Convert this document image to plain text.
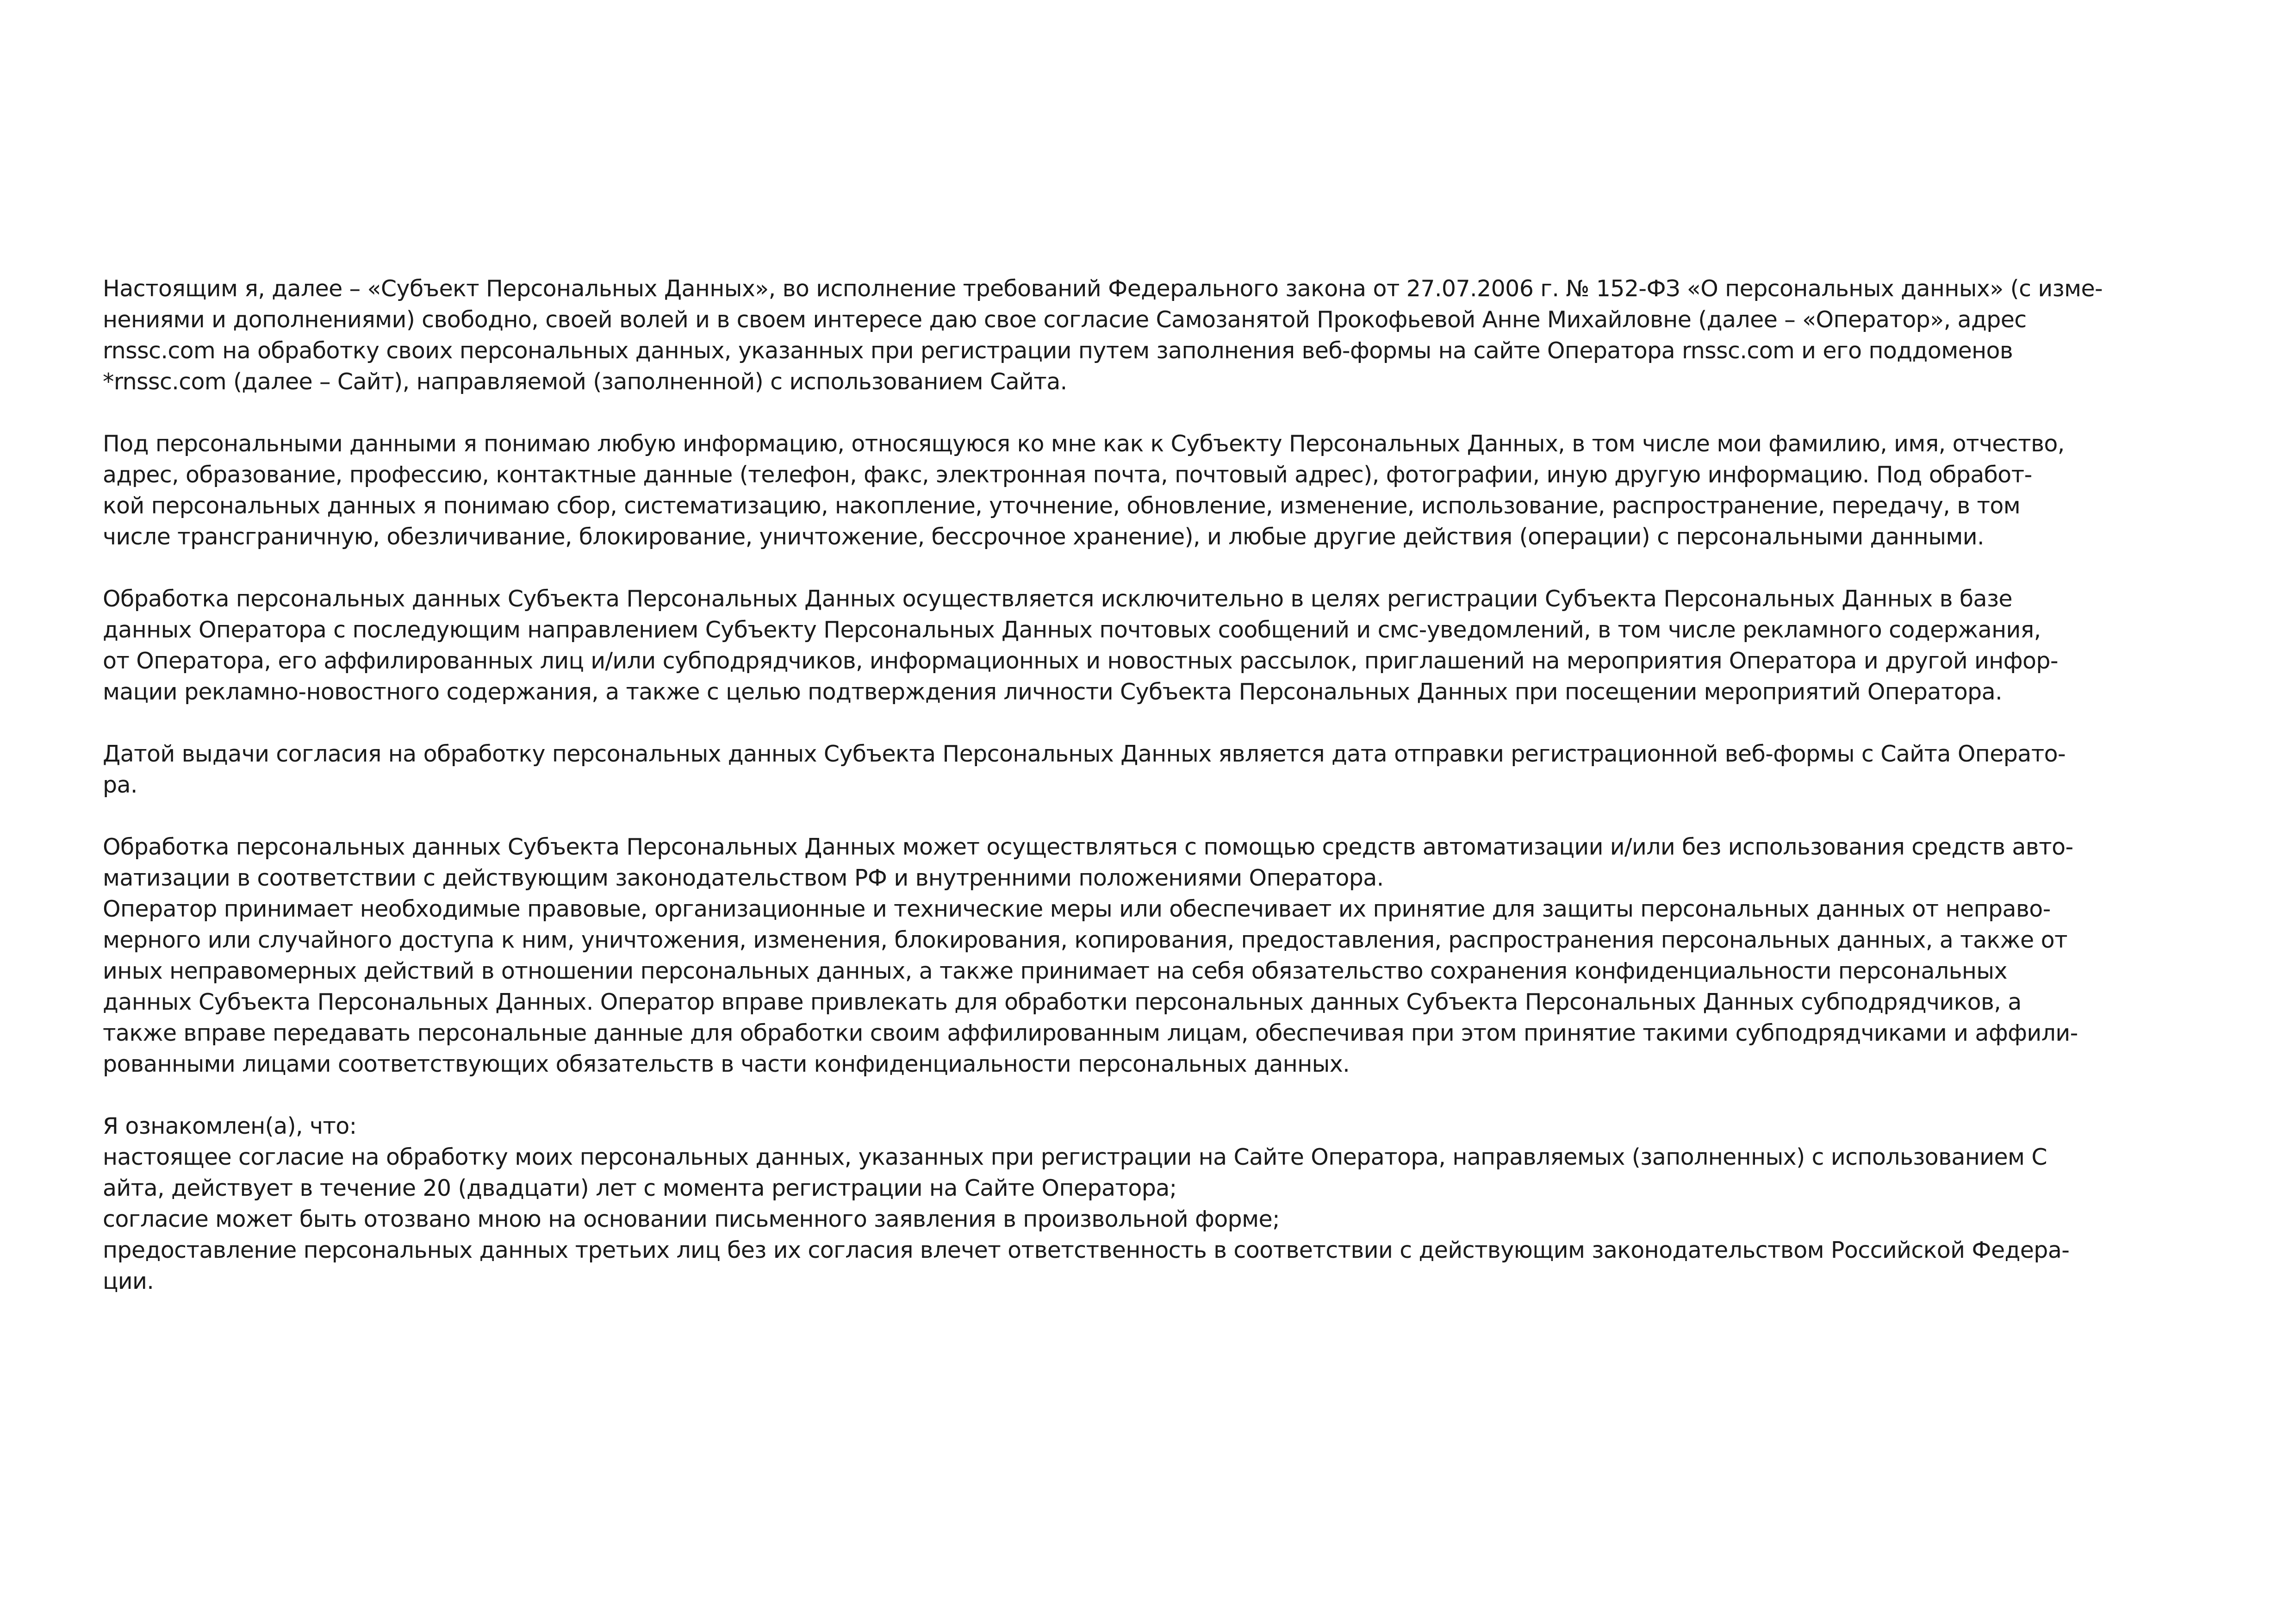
Настоящим я, далее – «Субъект Персональных Данных», во исполнение требований Федерального закона от 27.07.2006 г. № 152-ФЗ «О персональных данных» (с изме-
нениями и дополнениями) свободно, своей волей и в своем интересе даю свое согласие Самозанятой Прокофьевой Анне Михайловне (далее – «Оператор», адрес
rnssc.com на обработку своих персональных данных, указанных при регистрации путем заполнения веб-формы на сайте Оператора rnssc.com и его поддоменов
*rnssc.com (далее – Сайт), направляемой (заполненной) с использованием Сайта.
Под персональными данными я понимаю любую информацию, относящуюся ко мне как к Субъекту Персональных Данных, в том числе мои фамилию, имя, отчество,
адрес, образование, профессию, контактные данные (телефон, факс, электронная почта, почтовый адрес), фотографии, иную другую информацию. Под обработ-
кой персональных данных я понимаю сбор, систематизацию, накопление, уточнение, обновление, изменение, использование, распространение, передачу, в том
числе трансграничную, обезличивание, блокирование, уничтожение, бессрочное хранение), и любые другие действия (операции) с персональными данными.
Обработка персональных данных Субъекта Персональных Данных осуществляется исключительно в целях регистрации Субъекта Персональных Данных в базе
данных Оператора с последующим направлением Субъекту Персональных Данных почтовых сообщений и смс-уведомлений, в том числе рекламного содержания,
от Оператора, его аффилированных лиц и/или субподрядчиков, информационных и новостных рассылок, приглашений на мероприятия Оператора и другой инфор-
мации рекламно-новостного содержания, а также с целью подтверждения личности Субъекта Персональных Данных при посещении мероприятий Оператора.
Датой выдачи согласия на обработку персональных данных Субъекта Персональных Данных является дата отправки регистрационной веб-формы с Сайта Операто-
ра.
Обработка персональных данных Субъекта Персональных Данных может осуществляться с помощью средств автоматизации и/или без использования средств авто-
матизации в соответствии с действующим законодательством РФ и внутренними положениями Оператора.
Оператор принимает необходимые правовые, организационные и технические меры или обеспечивает их принятие для защиты персональных данных от неправо-
мерного или случайного доступа к ним, уничтожения, изменения, блокирования, копирования, предоставления, распространения персональных данных, а также от
иных неправомерных действий в отношении персональных данных, а также принимает на себя обязательство сохранения конфиденциальности персональных
данных Субъекта Персональных Данных. Оператор вправе привлекать для обработки персональных данных Субъекта Персональных Данных субподрядчиков, а
также вправе передавать персональные данные для обработки своим аффилированным лицам, обеспечивая при этом принятие такими субподрядчиками и аффили-
рованными лицами соответствующих обязательств в части конфиденциальности персональных данных.
Я ознакомлен(а), что:
настоящее согласие на обработку моих персональных данных, указанных при регистрации на Сайте Оператора, направляемых (заполненных) с использованием С
айта, действует в течение 20 (двадцати) лет с момента регистрации на Сайте Оператора;
согласие может быть отозвано мною на основании письменного заявления в произвольной форме;
предоставление персональных данных третьих лиц без их согласия влечет ответственность в соответствии с действующим законодательством Российской Федера-
ции.
